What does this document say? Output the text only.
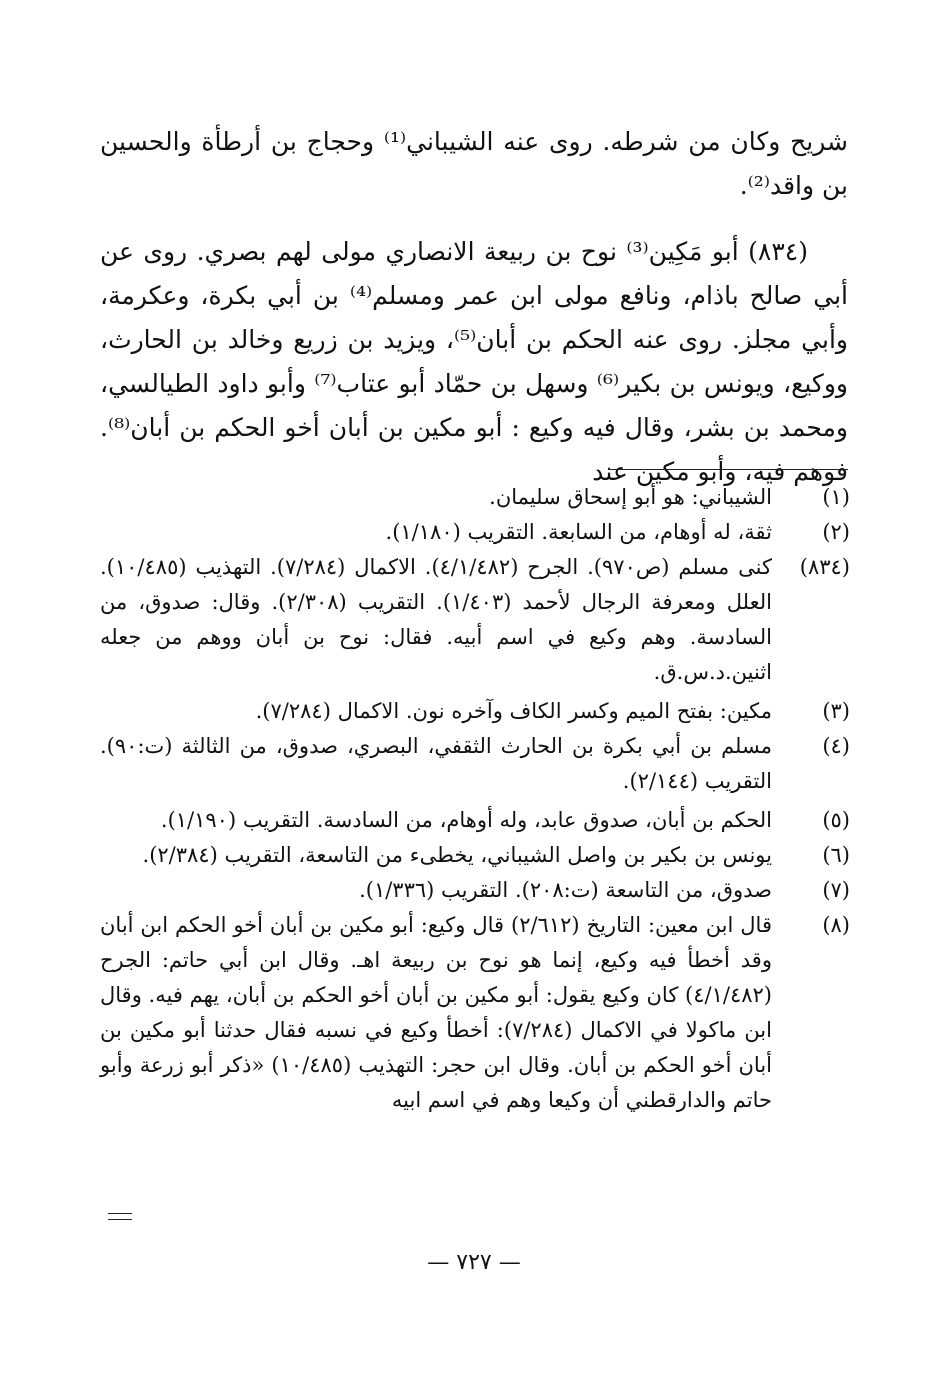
شريح وكان من شرطه. روى عنه الشيباني⁽¹⁾ وحجاج بن أرطأة والحسين بن واقد⁽²⁾.

(٨٣٤) أبو مَكِين⁽³⁾ نوح بن ربيعة الانصاري مولى لهم بصري. روى عن أبي صالح باذام، ونافع مولى ابن عمر ومسلم⁽⁴⁾ بن أبي بكرة، وعكرمة، وأبي مجلز. روى عنه الحكم بن أبان⁽⁵⁾، ويزيد بن زريع وخالد بن الحارث، ووكيع، ويونس بن بكير⁽⁶⁾ وسهل بن حمّاد أبو عتاب⁽⁷⁾ وأبو داود الطيالسي، ومحمد بن بشر، وقال فيه وكيع : أبو مكين بن أبان أخو الحكم بن أبان⁽⁸⁾. فوهم فيه، وأبو مكين عند

(١)
الشيباني: هو أبو إسحاق سليمان.
(٢)
ثقة، له أوهام، من السابعة. التقريب (١/١٨٠).
(٨٣٤)
كنى مسلم (ص٩٧٠). الجرح (٤/١/٤٨٢). الاكمال (٧/٢٨٤). التهذيب (١٠/٤٨٥). العلل ومعرفة الرجال لأحمد (١/٤٠٣). التقريب (٢/٣٠٨). وقال: صدوق، من السادسة. وهم وكيع في اسم أبيه. فقال: نوح بن أبان ووهم من جعله اثنين.د.س.ق.
(٣)
مكين: بفتح الميم وكسر الكاف وآخره نون. الاكمال (٧/٢٨٤).
(٤)
مسلم بن أبي بكرة بن الحارث الثقفي، البصري، صدوق، من الثالثة (ت:٩٠). التقريب (٢/١٤٤).
(٥)
الحكم بن أبان، صدوق عابد، وله أوهام، من السادسة. التقريب (١/١٩٠).
(٦)
يونس بن بكير بن واصل الشيباني، يخطىء من التاسعة، التقريب (٢/٣٨٤).
(٧)
صدوق، من التاسعة (ت:٢٠٨). التقريب (١/٣٣٦).
(٨)
قال ابن معين: التاريخ (٢/٦١٢) قال وكيع: أبو مكين بن أبان أخو الحكم ابن أبان وقد أخطأ فيه وكيع، إنما هو نوح بن ربيعة اهـ. وقال ابن أبي حاتم: الجرح (٤/١/٤٨٢) كان وكيع يقول: أبو مكين بن أبان أخو الحكم بن أبان، يهم فيه. وقال ابن ماكولا في الاكمال (٧/٢٨٤): أخطأ وكيع في نسبه فقال حدثنا أبو مكين بن أبان أخو الحكم بن أبان. وقال ابن حجر: التهذيب (١٠/٤٨٥) «ذكر أبو زرعة وأبو حاتم والدارقطني أن وكيعا وهم في اسم ابيه
— ٧٢٧ —
